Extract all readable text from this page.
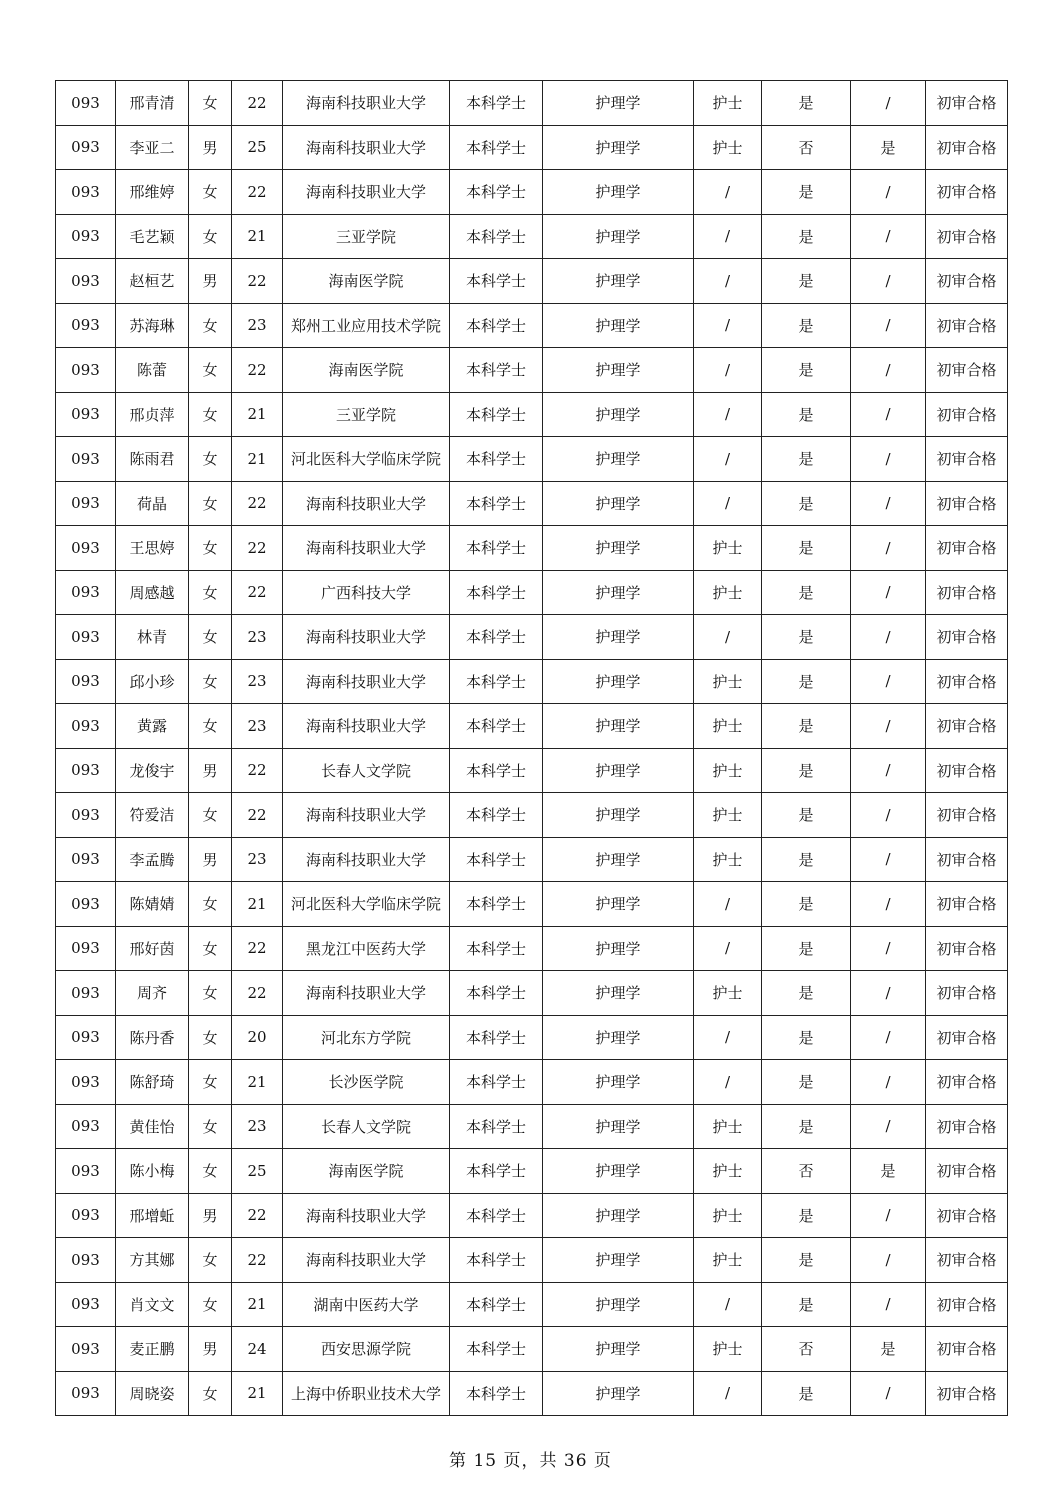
093	邢青清	女	22	海南科技职业大学	本科学士	护理学	护士	是	/	初审合格
093	李亚二	男	25	海南科技职业大学	本科学士	护理学	护士	否	是	初审合格
093	邢维婷	女	22	海南科技职业大学	本科学士	护理学	/	是	/	初审合格
093	毛艺颖	女	21	三亚学院	本科学士	护理学	/	是	/	初审合格
093	赵桓艺	男	22	海南医学院	本科学士	护理学	/	是	/	初审合格
093	苏海琳	女	23	郑州工业应用技术学院	本科学士	护理学	/	是	/	初审合格
093	陈蕾	女	22	海南医学院	本科学士	护理学	/	是	/	初审合格
093	邢贞萍	女	21	三亚学院	本科学士	护理学	/	是	/	初审合格
093	陈雨君	女	21	河北医科大学临床学院	本科学士	护理学	/	是	/	初审合格
093	荷晶	女	22	海南科技职业大学	本科学士	护理学	/	是	/	初审合格
093	王思婷	女	22	海南科技职业大学	本科学士	护理学	护士	是	/	初审合格
093	周感越	女	22	广西科技大学	本科学士	护理学	护士	是	/	初审合格
093	林青	女	23	海南科技职业大学	本科学士	护理学	/	是	/	初审合格
093	邱小珍	女	23	海南科技职业大学	本科学士	护理学	护士	是	/	初审合格
093	黄露	女	23	海南科技职业大学	本科学士	护理学	护士	是	/	初审合格
093	龙俊宇	男	22	长春人文学院	本科学士	护理学	护士	是	/	初审合格
093	符爱洁	女	22	海南科技职业大学	本科学士	护理学	护士	是	/	初审合格
093	李孟腾	男	23	海南科技职业大学	本科学士	护理学	护士	是	/	初审合格
093	陈婧婧	女	21	河北医科大学临床学院	本科学士	护理学	/	是	/	初审合格
093	邢好茵	女	22	黑龙江中医药大学	本科学士	护理学	/	是	/	初审合格
093	周齐	女	22	海南科技职业大学	本科学士	护理学	护士	是	/	初审合格
093	陈丹香	女	20	河北东方学院	本科学士	护理学	/	是	/	初审合格
093	陈舒琦	女	21	长沙医学院	本科学士	护理学	/	是	/	初审合格
093	黄佳怡	女	23	长春人文学院	本科学士	护理学	护士	是	/	初审合格
093	陈小梅	女	25	海南医学院	本科学士	护理学	护士	否	是	初审合格
093	邢增蚯	男	22	海南科技职业大学	本科学士	护理学	护士	是	/	初审合格
093	方其娜	女	22	海南科技职业大学	本科学士	护理学	护士	是	/	初审合格
093	肖文文	女	21	湖南中医药大学	本科学士	护理学	/	是	/	初审合格
093	麦正鹏	男	24	西安思源学院	本科学士	护理学	护士	否	是	初审合格
093	周晓姿	女	21	上海中侨职业技术大学	本科学士	护理学	/	是	/	初审合格
第 15 页，共 36 页
